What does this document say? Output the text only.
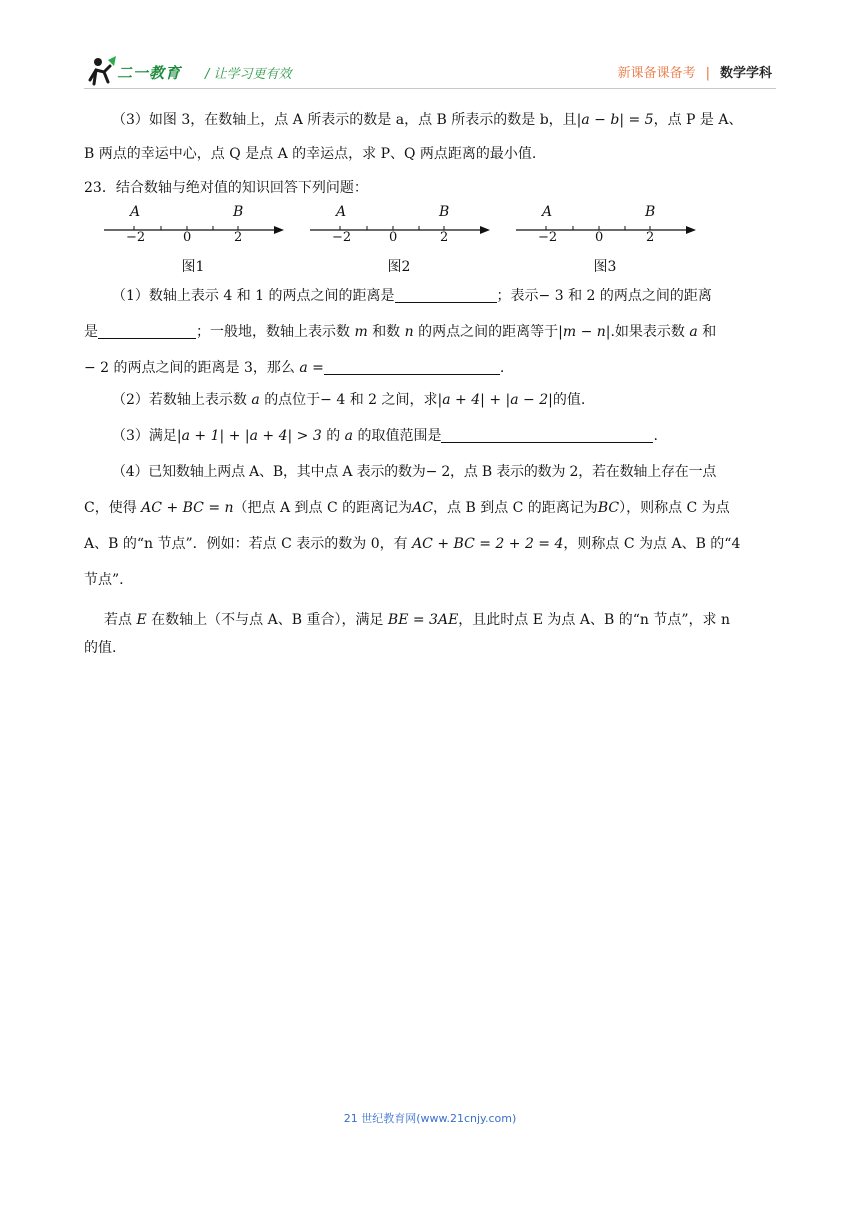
二一教育 / 让学习更有效	新课备课备考 | 数学学科

（3）如图 3，在数轴上，点 A 所表示的数是 a，点 B 所表示的数是 b，且|a − b| = 5，点 P 是 A、

B 两点的幸运中心，点 Q 是点 A 的幸运点，求 P、Q 两点距离的最小值.

23．结合数轴与绝对值的知识回答下列问题：

A	B
−2	0	2
图1
A	B
−2	0	2
图2
A	B
−2	0	2
图3

（1）数轴上表示 4 和 1 的两点之间的距离是	；表示− 3 和 2 的两点之间的距离

是	；一般地，数轴上表示数 m 和数 n 的两点之间的距离等于|m − n|.如果表示数 a 和

− 2 的两点之间的距离是 3，那么 a =	.

（2）若数轴上表示数 a 的点位于− 4 和 2 之间，求|a + 4| + |a − 2|的值.

（3）满足|a + 1| + |a + 4| > 3 的 a 的取值范围是	.

（4）已知数轴上两点 A、B，其中点 A 表示的数为− 2，点 B 表示的数为 2，若在数轴上存在一点

C，使得 AC + BC = n（把点 A 到点 C 的距离记为AC，点 B 到点 C 的距离记为BC），则称点 C 为点

A、B 的“n 节点”．例如：若点 C 表示的数为 0，有 AC + BC = 2 + 2 = 4，则称点 C 为点 A、B 的“4

节点”.

若点 E 在数轴上（不与点 A、B 重合），满足 BE = 3AE，且此时点 E 为点 A、B 的“n 节点”，求 n

的值.

21 世纪教育网(www.21cnjy.com)
